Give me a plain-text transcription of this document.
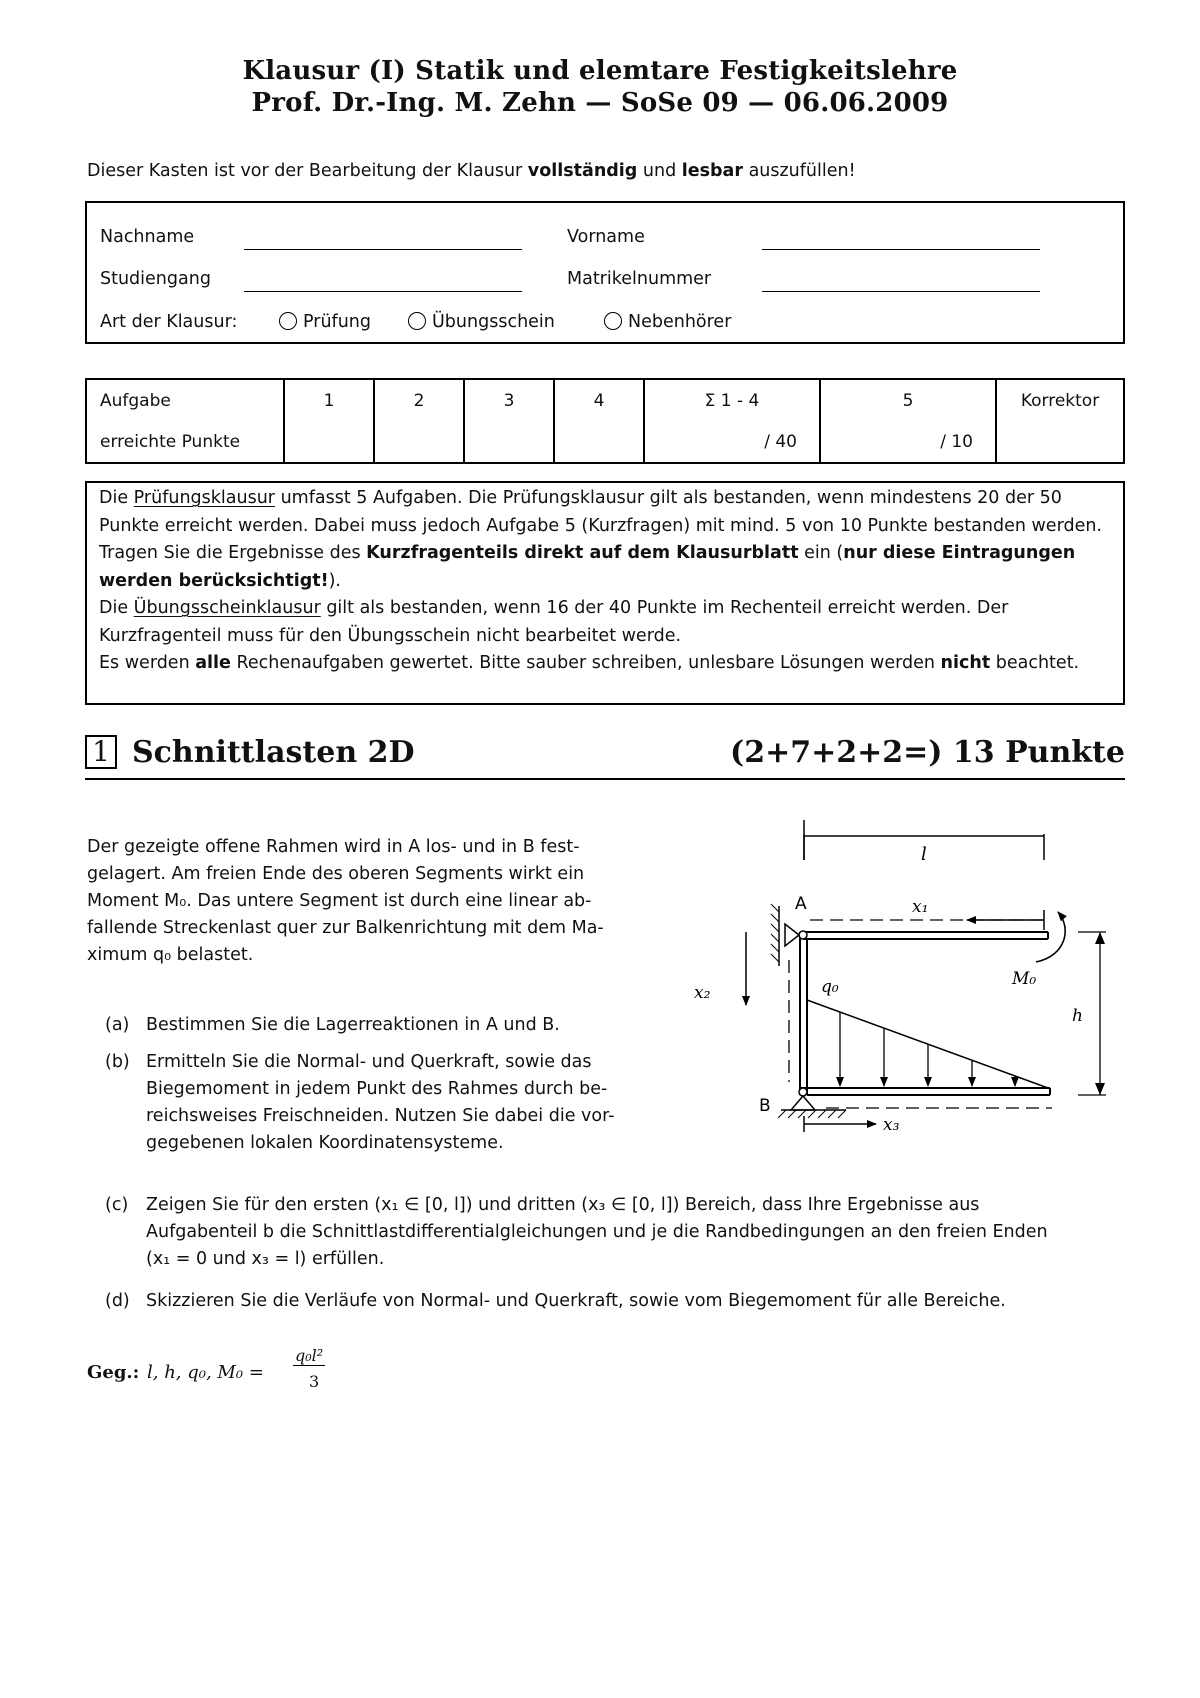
Klausur (I) Statik und elemtare Festigkeitslehre
Prof. Dr.-Ing. M. Zehn — SoSe 09 — 06.06.2009
Dieser Kasten ist vor der Bearbeitung der Klausur vollständig und lesbar auszufüllen!
Nachname	Vorname
Studiengang	Matrikelnummer
Art der Klausur:	Prüfung	Übungsschein	Nebenhörer
Aufgabe	1	2	3	4	Σ 1 - 4	5	Korrektor
erreichte Punkte					/ 40	/ 10	

Die Prüfungsklausur umfasst 5 Aufgaben. Die Prüfungsklausur gilt als bestanden, wenn mindestens 20 der 50 Punkte erreicht werden. Dabei muss jedoch Aufgabe 5 (Kurzfragen) mit mind. 5 von 10 Punkte bestanden werden. Tragen Sie die Ergebnisse des Kurzfragenteils direkt auf dem Klausurblatt ein (nur diese Eintragungen werden berücksichtigt!).

Die Übungsscheinklausur gilt als bestanden, wenn 16 der 40 Punkte im Rechenteil erreicht werden. Der Kurzfragenteil muss für den Übungsschein nicht bearbeitet werde.

Es werden alle Rechenaufgaben gewertet. Bitte sauber schreiben, unlesbare Lösungen werden nicht beachtet.

1 Schnittlasten 2D	(2+7+2+2=) 13 Punkte
Der gezeigte offene Rahmen wird in A los- und in B fest-
gelagert. Am freien Ende des oberen Segments wirkt ein
Moment M₀. Das untere Segment ist durch eine linear ab-
fallende Streckenlast quer zur Balkenrichtung mit dem Ma-
ximum q₀ belastet.
(a) Bestimmen Sie die Lagerreaktionen in A und B.
(b) Ermitteln Sie die Normal- und Querkraft, sowie das
Biegemoment in jedem Punkt des Rahmes durch be-
reichsweises Freischneiden. Nutzen Sie dabei die vor-
gegebenen lokalen Koordinatensysteme.
(c) Zeigen Sie für den ersten (x₁ ∈ [0, l]) und dritten (x₃ ∈ [0, l]) Bereich, dass Ihre Ergebnisse aus
Aufgabenteil b die Schnittlastdifferentialgleichungen und je die Randbedingungen an den freien Enden
(x₁ = 0 und x₃ = l) erfüllen.
(d) Skizzieren Sie die Verläufe von Normal- und Querkraft, sowie vom Biegemoment für alle Bereiche.
Geg.: l, h, q₀, M₀ =
q₀l²
3
l
A
B
q₀
x₁
x₂
x₃
M₀
h
